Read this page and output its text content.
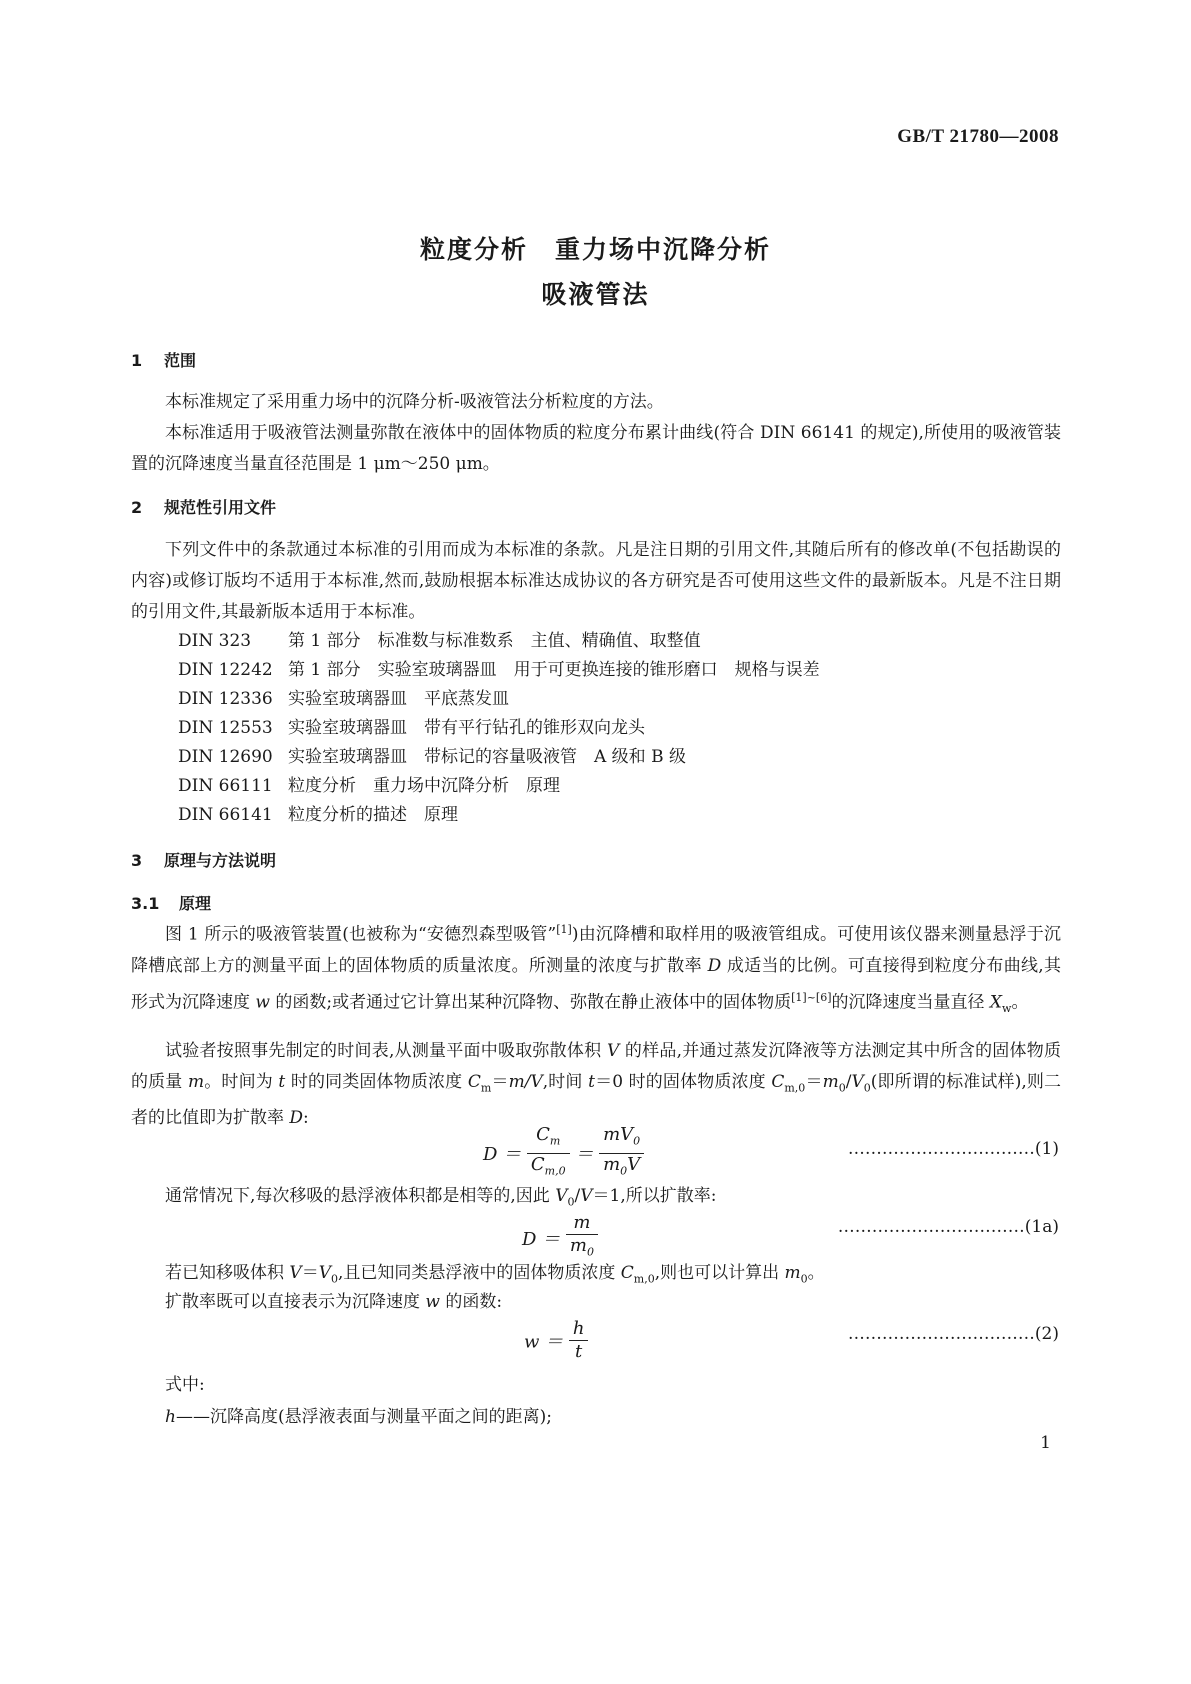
GB/T 21780—2008
粒度分析　重力场中沉降分析
吸液管法
1 范围
本标准规定了采用重力场中的沉降分析-吸液管法分析粒度的方法。
本标准适用于吸液管法测量弥散在液体中的固体物质的粒度分布累计曲线(符合 DIN 66141 的规定),所使用的吸液管装置的沉降速度当量直径范围是 1 μm～250 μm。
2 规范性引用文件
下列文件中的条款通过本标准的引用而成为本标准的条款。凡是注日期的引用文件,其随后所有的修改单(不包括勘误的内容)或修订版均不适用于本标准,然而,鼓励根据本标准达成协议的各方研究是否可使用这些文件的最新版本。凡是不注日期的引用文件,其最新版本适用于本标准。
DIN 323 第 1 部分　标准数与标准数系　主值、精确值、取整值
DIN 12242 第 1 部分　实验室玻璃器皿　用于可更换连接的锥形磨口　规格与误差
DIN 12336 实验室玻璃器皿　平底蒸发皿
DIN 12553 实验室玻璃器皿　带有平行钻孔的锥形双向龙头
DIN 12690 实验室玻璃器皿　带标记的容量吸液管　A 级和 B 级
DIN 66111 粒度分析　重力场中沉降分析　原理
DIN 66141 粒度分析的描述　原理
3 原理与方法说明
3.1 原理
图 1 所示的吸液管装置(也被称为“安德烈森型吸管”[1])由沉降槽和取样用的吸液管组成。可使用该仪器来测量悬浮于沉降槽底部上方的测量平面上的固体物质的质量浓度。所测量的浓度与扩散率 D 成适当的比例。可直接得到粒度分布曲线,其形式为沉降速度 w 的函数;或者通过它计算出某种沉降物、弥散在静止液体中的固体物质[1]~[6]的沉降速度当量直径 $X_w$。
试验者按照事先制定的时间表,从测量平面中吸取弥散体积 V 的样品,并通过蒸发沉降液等方法测定其中所含的固体物质的质量 m。时间为 t 时的同类固体物质浓度 $C_m=m/V$,时间 t＝0 时的固体物质浓度 $C_{m,0}=m_0/V_0$(即所谓的标准试样),则二者的比值即为扩散率 D:
$D = \frac{C_m}{C_{m,0}} = \frac{mV_0}{m_0V}$	……………………………(1)
通常情况下,每次移吸的悬浮液体积都是相等的,因此 $V_0/V=1$,所以扩散率:
$D = \frac{m}{m_0}$	……………………………(1a)
若已知移吸体积 $V=V_0$,且已知同类悬浮液中的固体物质浓度 $C_{m,0}$,则也可以计算出 $m_0$。
扩散率既可以直接表示为沉降速度 w 的函数:
$w = \frac{h}{t}$	……………………………(2)
式中:
h——沉降高度(悬浮液表面与测量平面之间的距离);
1
